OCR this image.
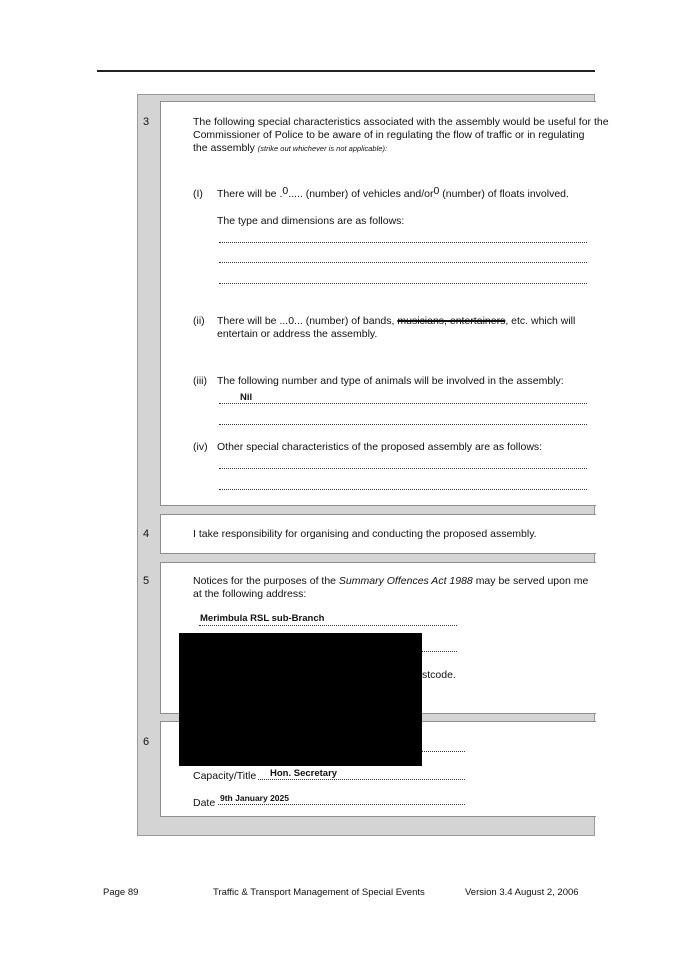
3	The following special characteristics associated with the assembly would be useful for the
Commissioner of Police to be aware of in regulating the flow of traffic or in regulating
the assembly (strike out whichever is not applicable):
(I) There will be .0..... (number) of vehicles and/or0 (number) of floats involved.
The type and dimensions are as follows:
(ii) There will be ...0... (number) of bands, musicians, entertainers, etc. which will
entertain or address the assembly.
(iii) The following number and type of animals will be involved in the assembly:
Nil
(iv) Other special characteristics of the proposed assembly are as follows:
4	I take responsibility for organising and conducting the proposed assembly.
5	Notices for the purposes of the Summary Offences Act 1988 may be served upon me
at the following address:
Merimbula RSL sub-Branch
stcode.
6
Capacity/Title Hon. Secretary
Date 9th January 2025
Page 89	Traffic & Transport Management of Special Events	Version 3.4 August 2, 2006
